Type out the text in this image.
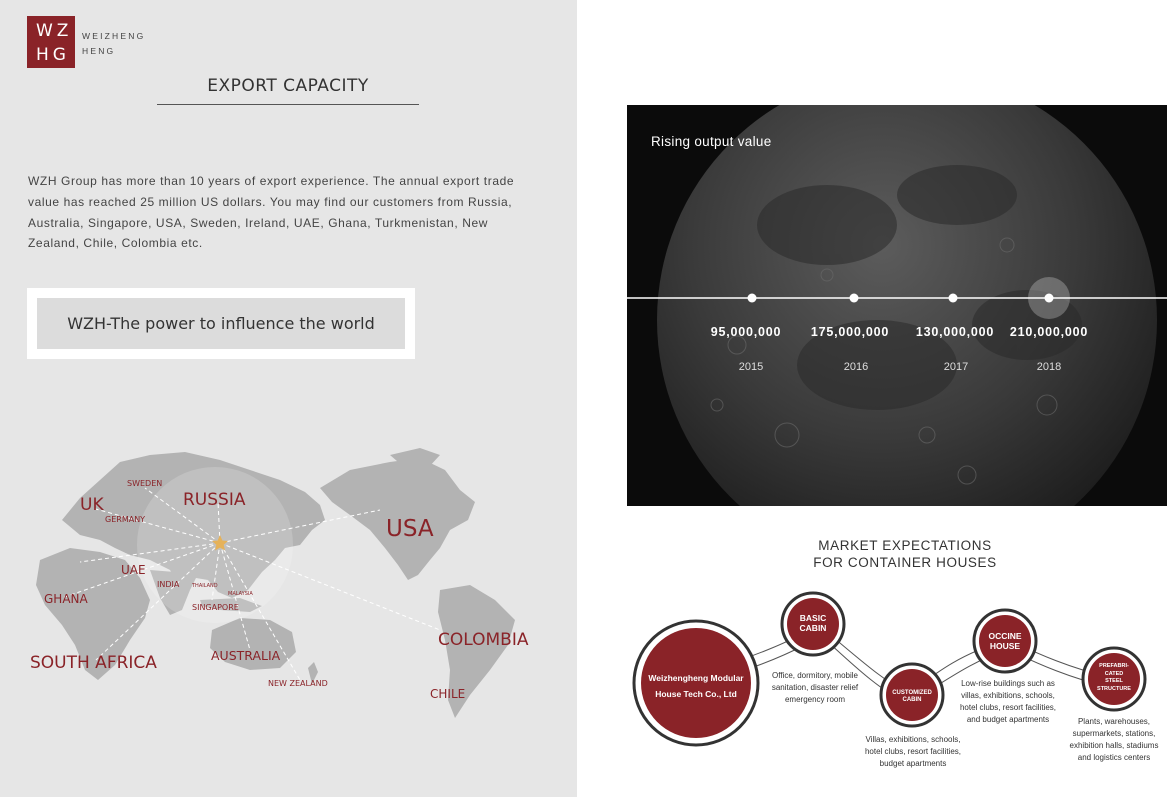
WZ
HG
WEIZHENG
HENG
EXPORT CAPACITY

WZH Group has more than 10 years of export experience. The annual export trade value has reached 25 million US dollars. You may find our customers from Russia, Australia, Singapore, USA, Sweden, Ireland, UAE, Ghana, Turkmenistan, New Zealand, Chile, Colombia etc.

WZH-The power to influence the world
SWEDEN
UK	RUSSIA
GERMANY	USA
UAE
INDIA	THAILAND
MALAYSIA
SINGAPORE
GHANA
COLOMBIA
SOUTH AFRICA	AUSTRALIA
NEW ZEALAND
CHILE
Rising output value
95,000,000	175,000,000	130,000,000	210,000,000
2015	2016	2017	2018
MARKET EXPECTATIONS
FOR CONTAINER HOUSES
Weizhengheng Modular
House Tech Co., Ltd
BASIC
CABIN
Office, dormitory, mobile
sanitation, disaster relief
emergency room
CUSTOMIZED
CABIN
Villas, exhibitions, schools,
hotel clubs, resort facilities,
budget apartments
OCCINE
HOUSE
Low-rise buildings such as
villas, exhibitions, schools,
hotel clubs, resort facilities,
and budget apartments
PREFABRI-
CATED
STEEL
STRUCTURE
Plants, warehouses,
supermarkets, stations,
exhibition halls, stadiums
and logistics centers
